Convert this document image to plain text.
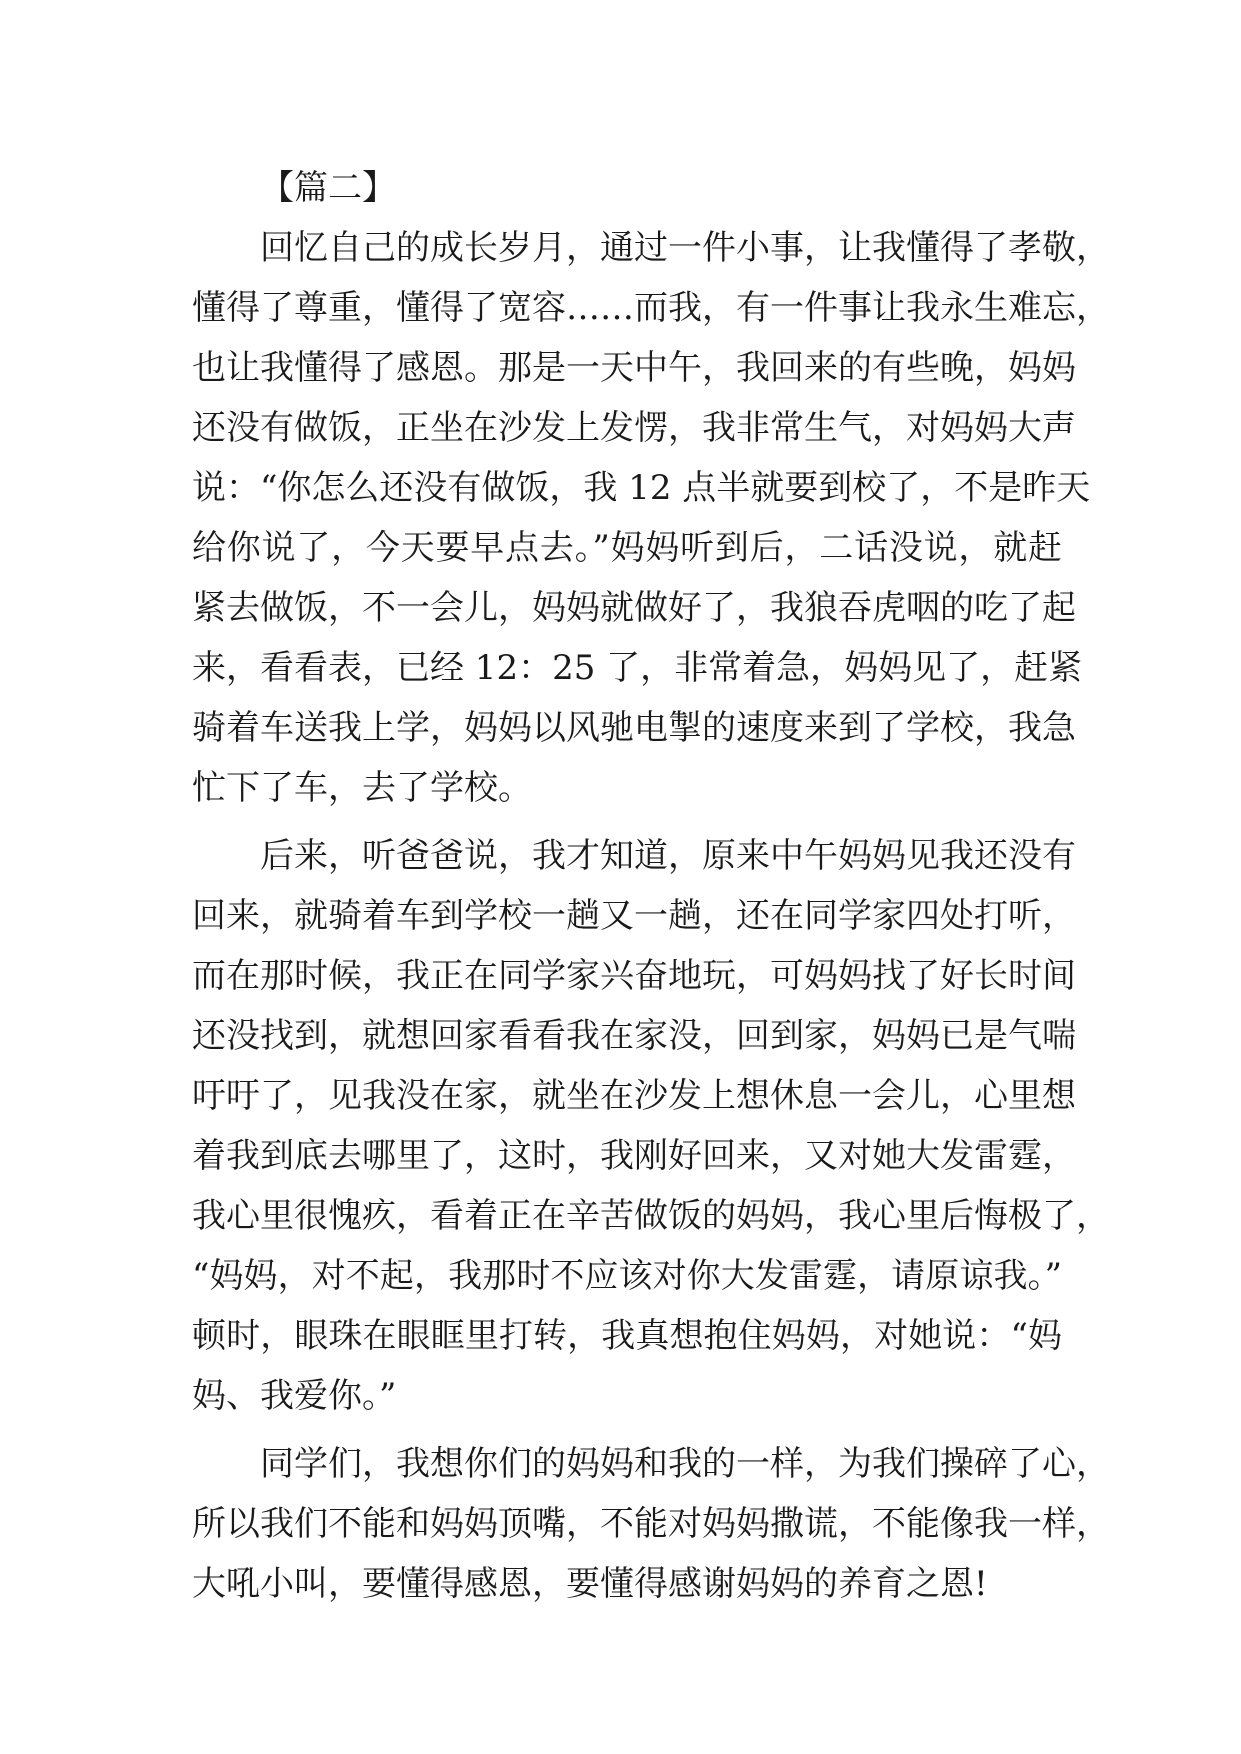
【篇二】

回忆自己的成长岁月，通过一件小事，让我懂得了孝敬，
懂得了尊重，懂得了宽容……而我，有一件事让我永生难忘，
也让我懂得了感恩。那是一天中午，我回来的有些晚，妈妈
还没有做饭，正坐在沙发上发愣，我非常生气，对妈妈大声
说：“你怎么还没有做饭，我 12 点半就要到校了，不是昨天
给你说了，今天要早点去。”妈妈听到后，二话没说，就赶
紧去做饭，不一会儿，妈妈就做好了，我狼吞虎咽的吃了起
来，看看表，已经 12：25 了，非常着急，妈妈见了，赶紧
骑着车送我上学，妈妈以风驰电掣的速度来到了学校，我急
忙下了车，去了学校。
后来，听爸爸说，我才知道，原来中午妈妈见我还没有
回来，就骑着车到学校一趟又一趟，还在同学家四处打听，
而在那时候，我正在同学家兴奋地玩，可妈妈找了好长时间
还没找到，就想回家看看我在家没，回到家，妈妈已是气喘
吁吁了，见我没在家，就坐在沙发上想休息一会儿，心里想
着我到底去哪里了，这时，我刚好回来，又对她大发雷霆，
我心里很愧疚，看着正在辛苦做饭的妈妈，我心里后悔极了，
“妈妈，对不起，我那时不应该对你大发雷霆，请原谅我。”
顿时，眼珠在眼眶里打转，我真想抱住妈妈，对她说：“妈
妈、我爱你。”
同学们，我想你们的妈妈和我的一样，为我们操碎了心，
所以我们不能和妈妈顶嘴，不能对妈妈撒谎，不能像我一样，
大吼小叫，要懂得感恩，要懂得感谢妈妈的养育之恩!
